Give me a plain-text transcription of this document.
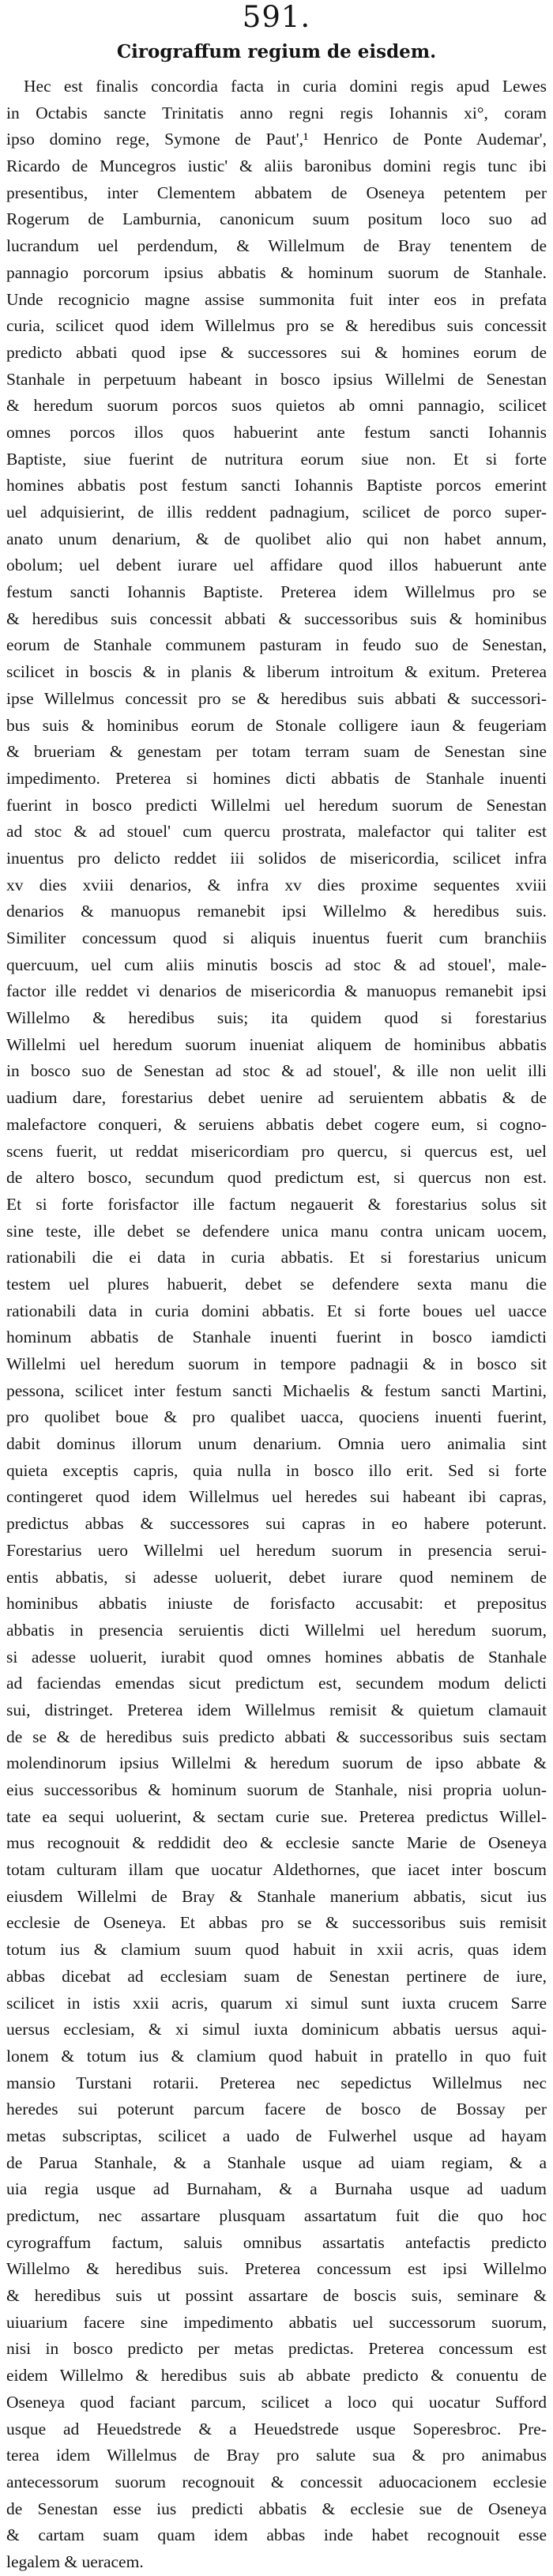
591.
Cirograffum regium de eisdem.
Hec est finalis concordia facta in curia domini regis apud Lewes
in Octabis sancte Trinitatis anno regni regis Iohannis xi°, coram
ipso domino rege, Symone de Paut',¹ Henrico de Ponte Audemar',
Ricardo de Muncegros iustic' & aliis baronibus domini regis tunc ibi
presentibus, inter Clementem abbatem de Oseneya petentem per
Rogerum de Lamburnia, canonicum suum positum loco suo ad
lucrandum uel perdendum, & Willelmum de Bray tenentem de
pannagio porcorum ipsius abbatis & hominum suorum de Stanhale.
Unde recognicio magne assise summonita fuit inter eos in prefata
curia, scilicet quod idem Willelmus pro se & heredibus suis concessit
predicto abbati quod ipse & successores sui & homines eorum de
Stanhale in perpetuum habeant in bosco ipsius Willelmi de Senestan
& heredum suorum porcos suos quietos ab omni pannagio, scilicet
omnes porcos illos quos habuerint ante festum sancti Iohannis
Baptiste, siue fuerint de nutritura eorum siue non. Et si forte
homines abbatis post festum sancti Iohannis Baptiste porcos emerint
uel adquisierint, de illis reddent padnagium, scilicet de porco super-
anato unum denarium, & de quolibet alio qui non habet annum,
obolum; uel debent iurare uel affidare quod illos habuerunt ante
festum sancti Iohannis Baptiste. Preterea idem Willelmus pro se
& heredibus suis concessit abbati & successoribus suis & hominibus
eorum de Stanhale communem pasturam in feudo suo de Senestan,
scilicet in boscis & in planis & liberum introitum & exitum. Preterea
ipse Willelmus concessit pro se & heredibus suis abbati & successori-
bus suis & hominibus eorum de Stonale colligere iaun & feugeriam
& brueriam & genestam per totam terram suam de Senestan sine
impedimento. Preterea si homines dicti abbatis de Stanhale inuenti
fuerint in bosco predicti Willelmi uel heredum suorum de Senestan
ad stoc & ad stouel' cum quercu prostrata, malefactor qui taliter est
inuentus pro delicto reddet iii solidos de misericordia, scilicet infra
xv dies xviii denarios, & infra xv dies proxime sequentes xviii
denarios & manuopus remanebit ipsi Willelmo & heredibus suis.
Similiter concessum quod si aliquis inuentus fuerit cum branchiis
quercuum, uel cum aliis minutis boscis ad stoc & ad stouel', male-
factor ille reddet vi denarios de misericordia & manuopus remanebit ipsi
Willelmo & heredibus suis; ita quidem quod si forestarius
Willelmi uel heredum suorum inueniat aliquem de hominibus abbatis
in bosco suo de Senestan ad stoc & ad stouel', & ille non uelit illi
uadium dare, forestarius debet uenire ad seruientem abbatis & de
malefactore conqueri, & seruiens abbatis debet cogere eum, si cogno-
scens fuerit, ut reddat misericordiam pro quercu, si quercus est, uel
de altero bosco, secundum quod predictum est, si quercus non est.
Et si forte forisfactor ille factum negauerit & forestarius solus sit
sine teste, ille debet se defendere unica manu contra unicam uocem,
rationabili die ei data in curia abbatis. Et si forestarius unicum
testem uel plures habuerit, debet se defendere sexta manu die
rationabili data in curia domini abbatis. Et si forte boues uel uacce
hominum abbatis de Stanhale inuenti fuerint in bosco iamdicti
Willelmi uel heredum suorum in tempore padnagii & in bosco sit
pessona, scilicet inter festum sancti Michaelis & festum sancti Martini,
pro quolibet boue & pro qualibet uacca, quociens inuenti fuerint,
dabit dominus illorum unum denarium. Omnia uero animalia sint
quieta exceptis capris, quia nulla in bosco illo erit. Sed si forte
contingeret quod idem Willelmus uel heredes sui habeant ibi capras,
predictus abbas & successores sui capras in eo habere poterunt.
Forestarius uero Willelmi uel heredum suorum in presencia serui-
entis abbatis, si adesse uoluerit, debet iurare quod neminem de
hominibus abbatis iniuste de forisfacto accusabit: et prepositus
abbatis in presencia seruientis dicti Willelmi uel heredum suorum,
si adesse uoluerit, iurabit quod omnes homines abbatis de Stanhale
ad faciendas emendas sicut predictum est, secundem modum delicti
sui, distringet. Preterea idem Willelmus remisit & quietum clamauit
de se & de heredibus suis predicto abbati & successoribus suis sectam
molendinorum ipsius Willelmi & heredum suorum de ipso abbate &
eius successoribus & hominum suorum de Stanhale, nisi propria uolun-
tate ea sequi uoluerint, & sectam curie sue. Preterea predictus Willel-
mus recognouit & reddidit deo & ecclesie sancte Marie de Oseneya
totam culturam illam que uocatur Aldethornes, que iacet inter boscum
eiusdem Willelmi de Bray & Stanhale manerium abbatis, sicut ius
ecclesie de Oseneya. Et abbas pro se & successoribus suis remisit
totum ius & clamium suum quod habuit in xxii acris, quas idem
abbas dicebat ad ecclesiam suam de Senestan pertinere de iure,
scilicet in istis xxii acris, quarum xi simul sunt iuxta crucem Sarre
uersus ecclesiam, & xi simul iuxta dominicum abbatis uersus aqui-
lonem & totum ius & clamium quod habuit in pratello in quo fuit
mansio Turstani rotarii. Preterea nec sepedictus Willelmus nec
heredes sui poterunt parcum facere de bosco de Bossay per
metas subscriptas, scilicet a uado de Fulwerhel usque ad hayam
de Parua Stanhale, & a Stanhale usque ad uiam regiam, & a
uia regia usque ad Burnaham, & a Burnaha usque ad uadum
predictum, nec assartare plusquam assartatum fuit die quo hoc
cyrograffum factum, saluis omnibus assartatis antefactis predicto
Willelmo & heredibus suis. Preterea concessum est ipsi Willelmo
& heredibus suis ut possint assartare de boscis suis, seminare &
uiuarium facere sine impedimento abbatis uel successorum suorum,
nisi in bosco predicto per metas predictas. Preterea concessum est
eidem Willelmo & heredibus suis ab abbate predicto & conuentu de
Oseneya quod faciant parcum, scilicet a loco qui uocatur Sufford
usque ad Heuedstrede & a Heuedstrede usque Soperesbroc. Pre-
terea idem Willelmus de Bray pro salute sua & pro animabus
antecessorum suorum recognouit & concessit aduocacionem ecclesie
de Senestan esse ius predicti abbatis & ecclesie sue de Oseneya
& cartam suam quam idem abbas inde habet recognouit esse
legalem & ueracem.
